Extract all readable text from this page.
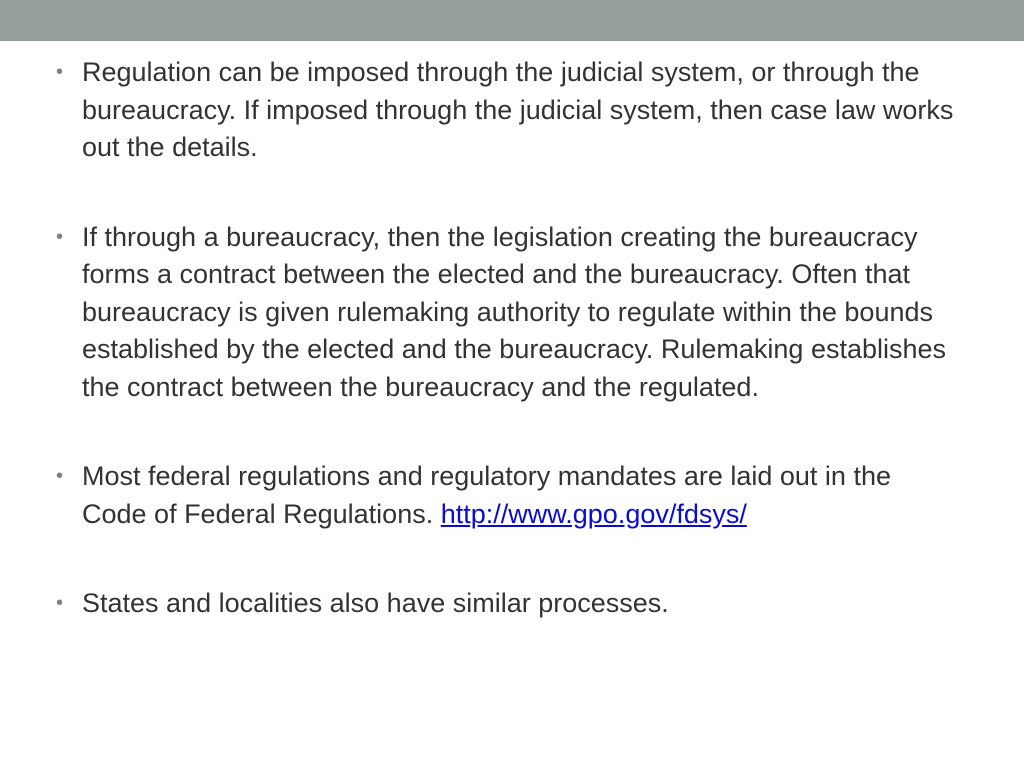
• Regulation can be imposed through the judicial system, or through the bureaucracy. If imposed through the judicial system, then case law works out the details.
• If through a bureaucracy, then the legislation creating the bureaucracy forms a contract between the elected and the bureaucracy. Often that bureaucracy is given rulemaking authority to regulate within the bounds established by the elected and the bureaucracy. Rulemaking establishes the contract between the bureaucracy and the regulated.
• Most federal regulations and regulatory mandates are laid out in the Code of Federal Regulations. http://www.gpo.gov/fdsys/
• States and localities also have similar processes.
